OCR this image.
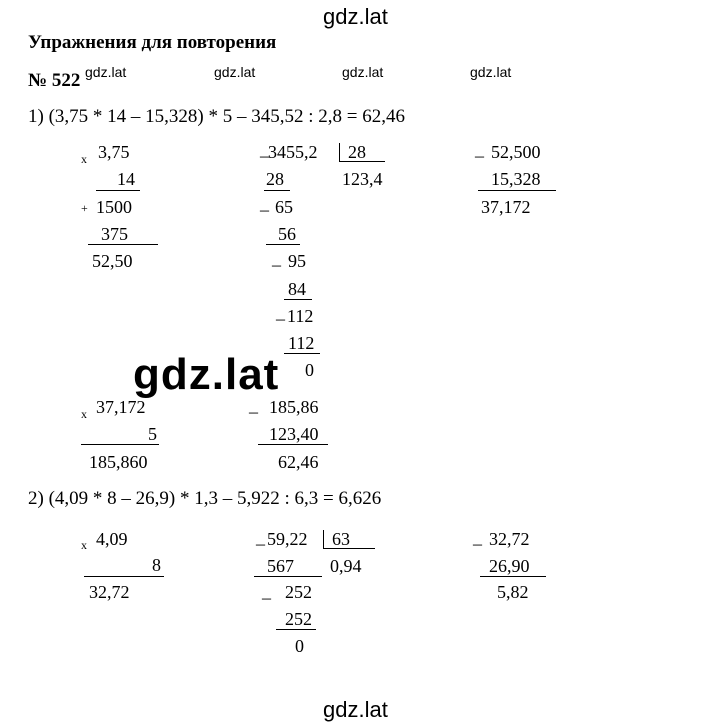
gdz.lat
gdz.lat	gdz.lat	gdz.lat	gdz.lat
Упражнения для повторения
№ 522
1) (3,75 * 14 – 15,328) * 5 – 345,52 : 2,8 = 62,46
x 3,75
14
+ 1500
375
52,50
_ 3455,2 28
123,4
28
_ 65
56
_ 95
84
_ 112
112
0
_ 52,500
15,328
37,172
gdz.lat
x 37,172
5
185,860
_ 185,86
123,40
62,46
2) (4,09 * 8 – 26,9) * 1,3 – 5,922 : 6,3 = 6,626
x 4,09
8
32,72
_ 59,22 63
0,94
567
_ 252
252
0
_ 32,72
26,90
5,82
gdz.lat
